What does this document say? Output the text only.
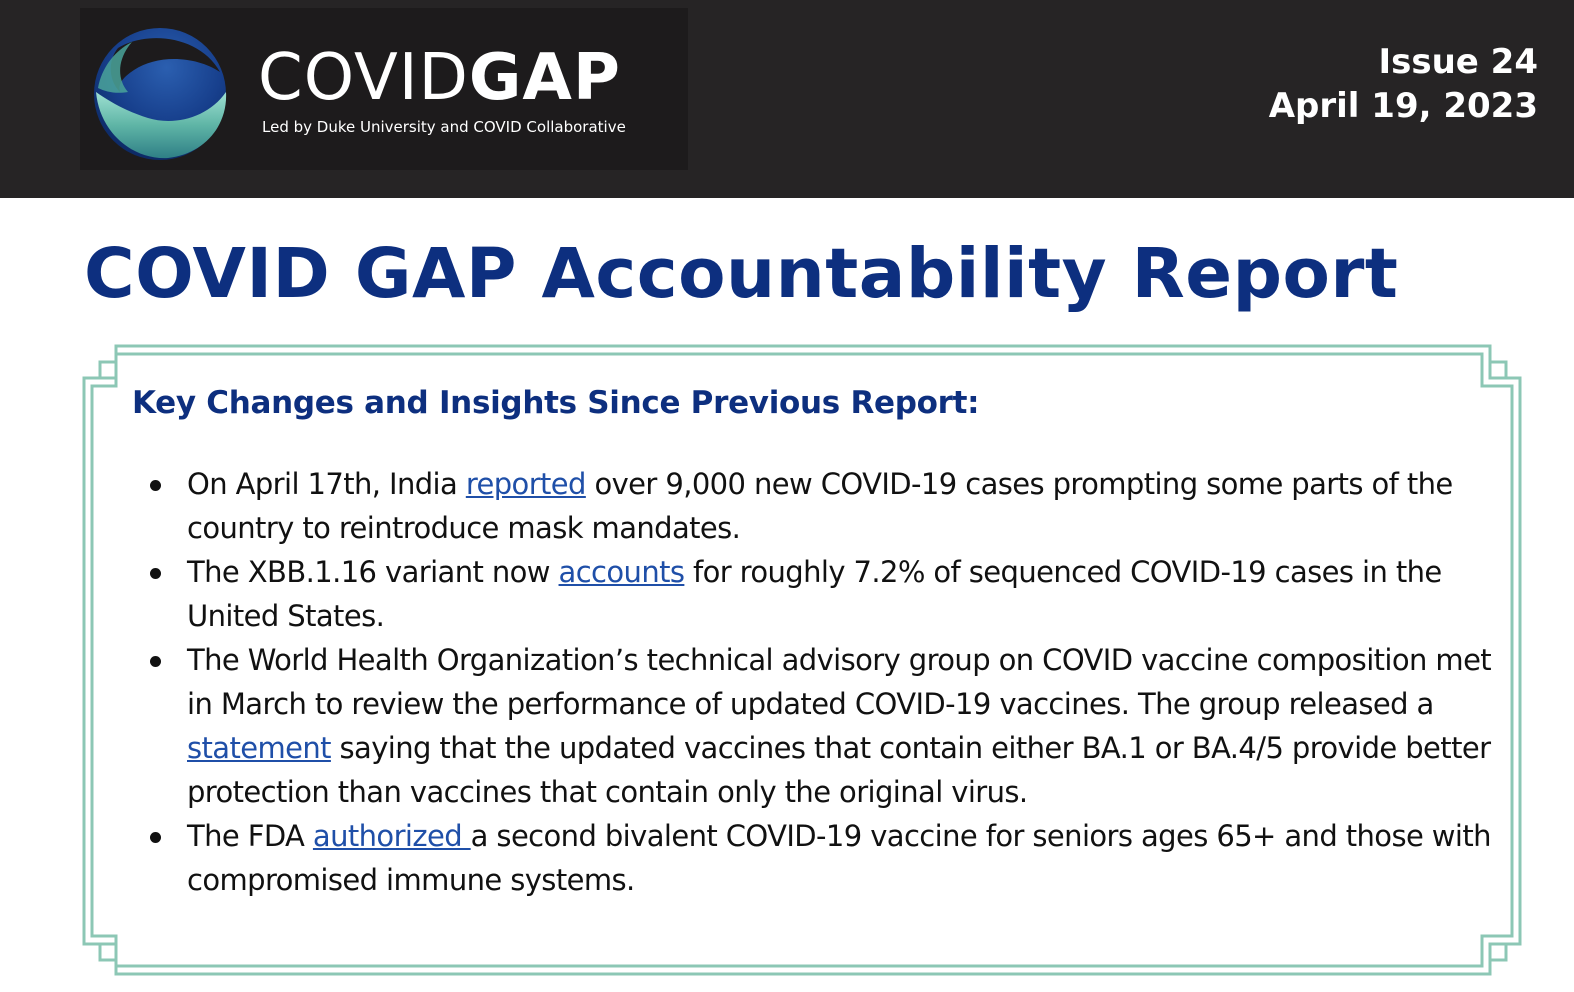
COVIDGAP
Led by Duke University and COVID Collaborative
Issue 24
April 19, 2023
COVID GAP Accountability Report
Key Changes and Insights Since Previous Report:
On April 17th, India reported over 9,000 new COVID-19 cases prompting some parts of the country to reintroduce mask mandates.
The XBB.1.16 variant now accounts for roughly 7.2% of sequenced COVID-19 cases in the United States.
The World Health Organization’s technical advisory group on COVID vaccine composition met in March to review the performance of updated COVID-19 vaccines. The group released a statement saying that the updated vaccines that contain either BA.1 or BA.4/5 provide better protection than vaccines that contain only the original virus.
The FDA authorized a second bivalent COVID-19 vaccine for seniors ages 65+ and those with compromised immune systems.
